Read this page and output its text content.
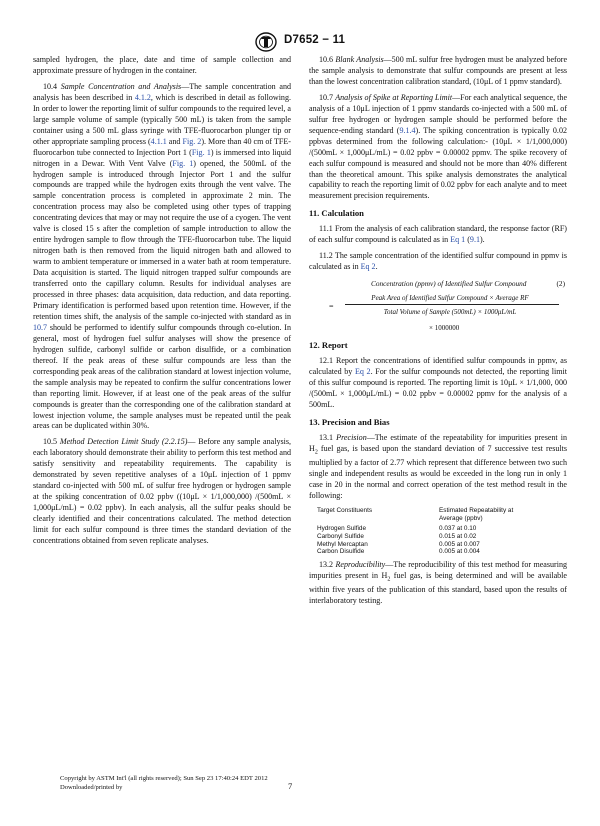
D7652 − 11

sampled hydrogen, the place, date and time of sample collection and approximate pressure of hydrogen in the container.

10.4 Sample Concentration and Analysis—The sample concentration and analysis has been described in 4.1.2, which is described in detail as following. In order to lower the reporting limit of sulfur compounds to the required level, a large sample volume of sample (typically 500 mL) is taken from the sample container using a 500 mL glass syringe with TFE-fluorocarbon plunger tip or other appropriate sampling process (4.1.1 and Fig. 2). More than 40 cm of TFE-fluorocarbon tube connected to Injection Port 1 (Fig. 1) is immersed into liquid nitrogen in a Dewar. With Vent Valve (Fig. 1) opened, the 500mL of the hydrogen sample is introduced through Injector Port 1 and the sulfur compounds are trapped while the hydrogen exits through the vent valve. The sample concentration process is completed in approximate 2 min. The concentration process may also be completed using other types of trapping concentrating devices that may or may not require the use of a cyogen. The vent valve is closed 15 s after the completion of sample introduction to allow the entire hydrogen sample to flow through the TFE-fluorocarbon tube. The liquid nitrogen bath is then removed from the liquid nitrogen bath and allowed to warm to ambient temperature or immersed in a water bath at room temperature. Data acquisition is started. The liquid nitrogen trapped sulfur compounds are transferred onto the capillary column. Results for individual analyses are processed in three phases: data acquisition, data reduction, and data reporting. Primary identification is performed based upon retention time. However, if the retention times shift, the analysis of the sample co-injected with standard as in 10.7 should be performed to identify sulfur compounds through co-elution. In general, most of hydrogen fuel sulfur analyses will show the presence of hydrogen sulfide, carbonyl sulfide or carbon disulfide, or a combination thereof. If the peak areas of these sulfur compounds are less than the corresponding peak areas of the calibration standard at lowest injection volume, the sample analysis may be repeated to confirm the sulfur concentrations lower than reporting limit. However, if at least one of the peak areas of the sulfur compounds is greater than the corresponding one of the calibration standard at lowest injection volume, the sample analyses must be repeated until the peak areas can be duplicated within 30%.

10.5 Method Detection Limit Study (2.2.15)— Before any sample analysis, each laboratory should demonstrate their ability to perform this test method and satisfy sensitivity and repeatability requirements. The capability is demonstrated by seven repetitive analyses of a 10μL injection of 1 ppmv standard co-injected with 500 mL of sulfur free hydrogen or hydrogen sample at the spiking concentration of 0.02 ppbv ((10μL × 1/1,000,000) /(500mL × 1,000μL/mL) = 0.02 ppbv). In each analysis, all the sulfur peaks should be clearly identified and their concentrations calculated. The method detection limit for each sulfur compound is three times the standard deviation of the concentrations obtained from seven replicate analyses.

10.6 Blank Analysis—500 mL sulfur free hydrogen must be analyzed before the sample analysis to demonstrate that sulfur compounds are present at less than the lowest concentration calibration standard, (10μL of 1 ppmv standard).

10.7 Analysis of Spike at Reporting Limit—For each analytical sequence, the analysis of a 10μL injection of 1 ppmv standards co-injected with a 500 mL of sulfur free hydrogen or hydrogen sample should be performed before the sequence-ending standard (9.1.4). The spiking concentration is typically 0.02 ppbvas determined from the following calculation:- (10μL × 1/1,000,000) /(500mL × 1,000μL/mL) = 0.02 ppbv = 0.00002 ppmv. The spike recovery of each sulfur compound is measured and should not be more than 40% different than the theoretical amount. This spike analysis demonstrates the analytical capability to reach the reporting limit of 0.02 ppbv for each analyte and to meet measurement precision requirements.

11. Calculation

11.1 From the analysis of each calibration standard, the response factor (RF) of each sulfur compound is calculated as in Eq 1 (9.1).

11.2 The sample concentration of the identified sulfur compound in ppmv is calculated as in Eq 2.

Concentration (ppmv) of Identified Sulfur Compound	(2)
=
Peak Area of Identified Sulfur Compound × Average RF
Total Volume of Sample (500mL) × 1000μL/mL
× 1000000
12. Report

12.1 Report the concentrations of identified sulfur compounds in ppmv, as calculated by Eq 2. For the sulfur compounds not detected, the reporting limit of this sulfur compound is reported. The reporting limit is 10μL × 1/1,000, 000 /(500mL × 1,000μL/mL) = 0.02 ppbv = 0.00002 ppmv for the analysis of a 500mL.

13. Precision and Bias

13.1 Precision—The estimate of the repeatability for impurities present in $H_2$ fuel gas, is based upon the standard deviation of 7 successive test results multiplied by a factor of 2.77 which represent that difference between two such single and independent results as would be exceeded in the long run in only 1 case in 20 in the normal and correct operation of the test method result in the following:

Target Constituents	Estimated Repeatability at
Average (ppbv)

Hydrogen Sulfide	0.037 at 0.10
Carbonyl Sulfide	0.015 at 0.02
Methyl Mercaptan	0.005 at 0.007
Carbon Disulfide	0.005 at 0.004

13.2 Reproducibility—The reproducibility of this test method for measuring impurities present in $H_2$ fuel gas, is being determined and will be available within five years of the publication of this standard, based upon the results of interlaboratory testing.

Copyright by ASTM Int'l (all rights reserved); Sun Sep 23 17:40:24 EDT 2012
Downloaded/printed by	7
